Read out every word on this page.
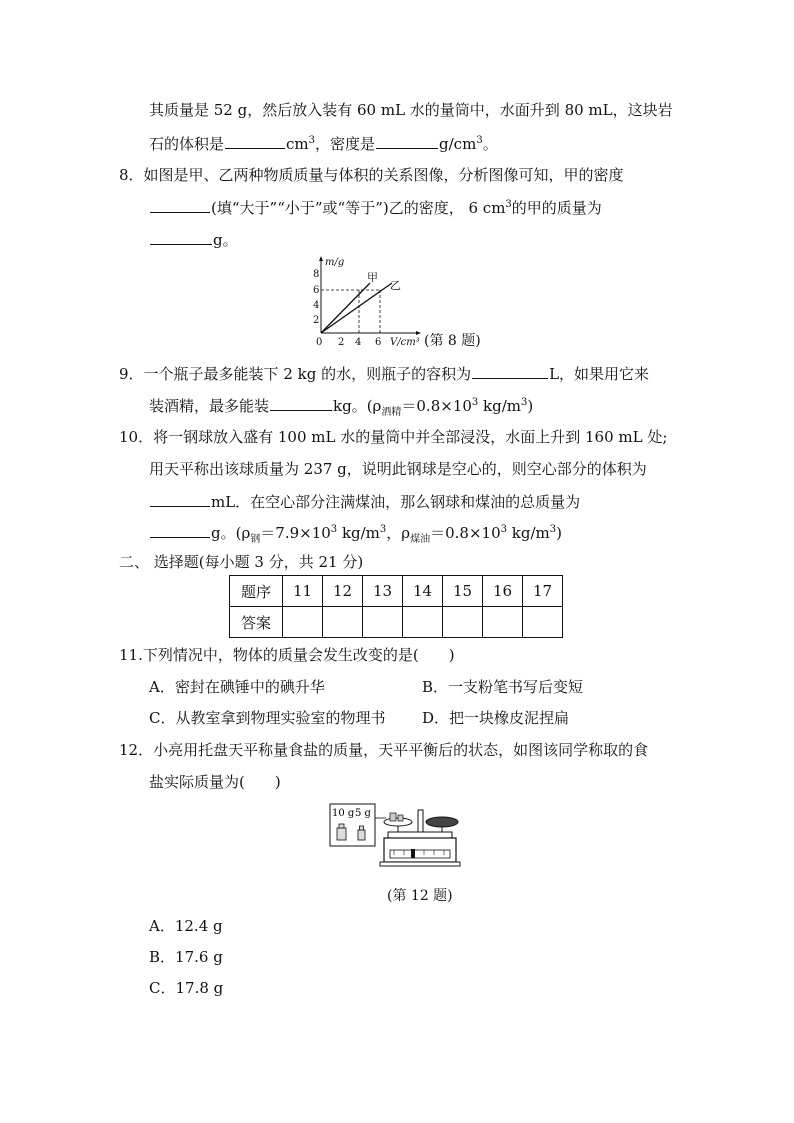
其质量是 52 g，然后放入装有 60 mL 水的量筒中，水面升到 80 mL，这块岩
石的体积是	$cm^3$，密度是	$g/cm^3$。
8．如图是甲、乙两种物质质量与体积的关系图像，分析图像可知，甲的密度
(填“大于”“小于”或“等于”)乙的密度， 6 $cm^3$的甲的质量为
g。
m/g
8
6
4
2
0 2 4 6 V/cm³
甲
乙
(第 8 题)
9．一个瓶子最多能装下 2 kg 的水，则瓶子的容积为	L，如果用它来
装酒精，最多能装	kg。($\rho_{酒精}=0.8\times 10^3$ $kg/m^3$)
10．将一钢球放入盛有 100 mL 水的量筒中并全部浸没，水面上升到 160 mL 处;
用天平称出该球质量为 237 g，说明此钢球是空心的，则空心部分的体积为
mL．在空心部分注满煤油，那么钢球和煤油的总质量为
g。($\rho_钢=7.9\times 10^3$ $kg/m^3$，$\rho_{煤油}=0.8\times 10^3$ $kg/m^3$)
二、 选择题(每小题 3 分，共 21 分)
题序	11	12	13	14	15	16	17
答案							
11.下列情况中，物体的质量会发生改变的是(　　)
A．密封在碘锤中的碘升华	B．一支粉笔书写后变短
C．从教室拿到物理实验室的物理书 D．把一块橡皮泥捏扁
12．小亮用托盘天平称量食盐的质量，天平平衡后的状态，如图该同学称取的食
盐实际质量为(　　)
10 g 5 g
(第 12 题)
A．12.4 g
B．17.6 g
C．17.8 g
